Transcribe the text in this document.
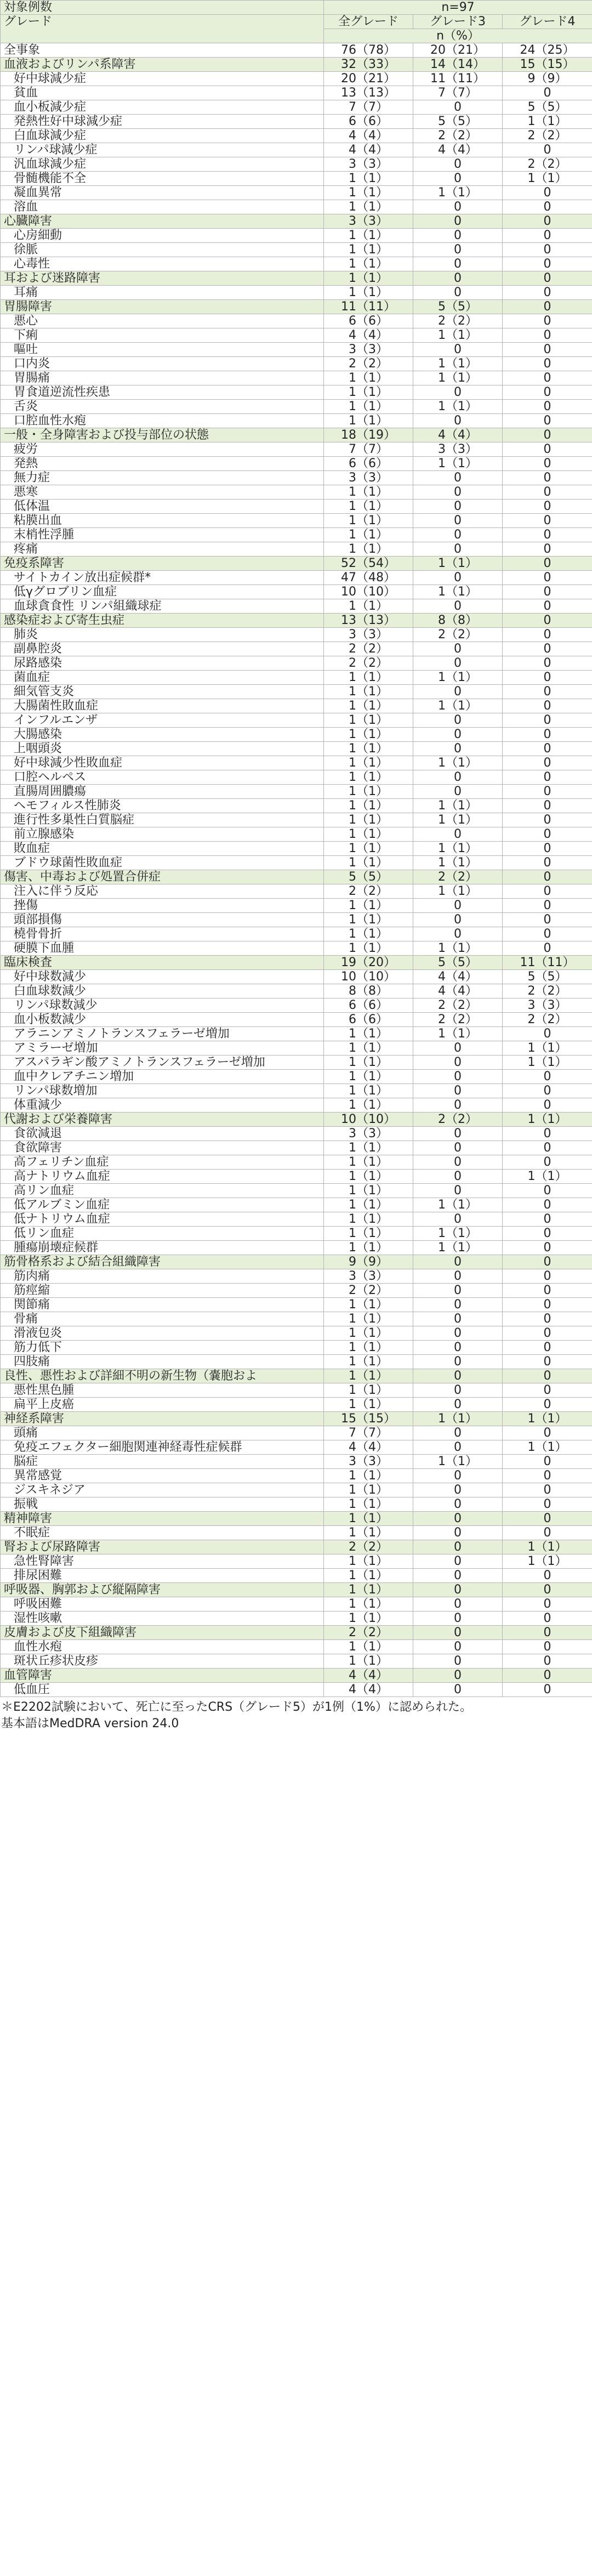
対象例数	n=97		
グレード	全グレード	グレード3	グレード4
	n（%）		
全事象	76（78）	20（21）	24（25）
血液およびリンパ系障害	32（33）	14（14）	15（15）
好中球減少症	20（21）	11（11）	9（9）
貧血	13（13）	7（7）	0
血小板減少症	7（7）	0	5（5）
発熱性好中球減少症	6（6）	5（5）	1（1）
白血球減少症	4（4）	2（2）	2（2）
リンパ球減少症	4（4）	4（4）	0
汎血球減少症	3（3）	0	2（2）
骨髄機能不全	1（1）	0	1（1）
凝血異常	1（1）	1（1）	0
溶血	1（1）	0	0
心臓障害	3（3）	0	0
心房細動	1（1）	0	0
徐脈	1（1）	0	0
心毒性	1（1）	0	0
耳および迷路障害	1（1）	0	0
耳痛	1（1）	0	0
胃腸障害	11（11）	5（5）	0
悪心	6（6）	2（2）	0
下痢	4（4）	1（1）	0
嘔吐	3（3）	0	0
口内炎	2（2）	1（1）	0
胃腸痛	1（1）	1（1）	0
胃食道逆流性疾患	1（1）	0	0
舌炎	1（1）	1（1）	0
口腔血性水疱	1（1）	0	0
一般・全身障害および投与部位の状態	18（19）	4（4）	0
疲労	7（7）	3（3）	0
発熱	6（6）	1（1）	0
無力症	3（3）	0	0
悪寒	1（1）	0	0
低体温	1（1）	0	0
粘膜出血	1（1）	0	0
末梢性浮腫	1（1）	0	0
疼痛	1（1）	0	0
免疫系障害	52（54）	1（1）	0
サイトカイン放出症候群*	47（48）	0	0
低γグロブリン血症	10（10）	1（1）	0
血球貪食性 リンパ組織球症	1（1）	0	0
感染症および寄生虫症	13（13）	8（8）	0
肺炎	3（3）	2（2）	0
副鼻腔炎	2（2）	0	0
尿路感染	2（2）	0	0
菌血症	1（1）	1（1）	0
細気管支炎	1（1）	0	0
大腸菌性敗血症	1（1）	1（1）	0
インフルエンザ	1（1）	0	0
大腸感染	1（1）	0	0
上咽頭炎	1（1）	0	0
好中球減少性敗血症	1（1）	1（1）	0
口腔ヘルペス	1（1）	0	0
直腸周囲膿瘍	1（1）	0	0
ヘモフィルス性肺炎	1（1）	1（1）	0
進行性多巣性白質脳症	1（1）	1（1）	0
前立腺感染	1（1）	0	0
敗血症	1（1）	1（1）	0
ブドウ球菌性敗血症	1（1）	1（1）	0
傷害、中毒および処置合併症	5（5）	2（2）	0
注入に伴う反応	2（2）	1（1）	0
挫傷	1（1）	0	0
頭部損傷	1（1）	0	0
橈骨骨折	1（1）	0	0
硬膜下血腫	1（1）	1（1）	0
臨床検査	19（20）	5（5）	11（11）
好中球数減少	10（10）	4（4）	5（5）
白血球数減少	8（8）	4（4）	2（2）
リンパ球数減少	6（6）	2（2）	3（3）
血小板数減少	6（6）	2（2）	2（2）
アラニンアミノトランスフェラーゼ増加	1（1）	1（1）	0
アミラーゼ増加	1（1）	0	1（1）
アスパラギン酸アミノトランスフェラーゼ増加	1（1）	0	1（1）
血中クレアチニン増加	1（1）	0	0
リンパ球数増加	1（1）	0	0
体重減少	1（1）	0	0
代謝および栄養障害	10（10）	2（2）	1（1）
食欲減退	3（3）	0	0
食欲障害	1（1）	0	0
高フェリチン血症	1（1）	0	0
高ナトリウム血症	1（1）	0	1（1）
高リン血症	1（1）	0	0
低アルブミン血症	1（1）	1（1）	0
低ナトリウム血症	1（1）	0	0
低リン血症	1（1）	1（1）	0
腫瘍崩壊症候群	1（1）	1（1）	0
筋骨格系および結合組織障害	9（9）	0	0
筋肉痛	3（3）	0	0
筋痙縮	2（2）	0	0
関節痛	1（1）	0	0
骨痛	1（1）	0	0
滑液包炎	1（1）	0	0
筋力低下	1（1）	0	0
四肢痛	1（1）	0	0
良性、悪性および詳細不明の新生物（嚢胞およ	1（1）	0	0
悪性黒色腫	1（1）	0	0
扁平上皮癌	1（1）	0	0
神経系障害	15（15）	1（1）	1（1）
頭痛	7（7）	0	0
免疫エフェクター細胞関連神経毒性症候群	4（4）	0	1（1）
脳症	3（3）	1（1）	0
異常感覚	1（1）	0	0
ジスキネジア	1（1）	0	0
振戦	1（1）	0	0
精神障害	1（1）	0	0
不眠症	1（1）	0	0
腎および尿路障害	2（2）	0	1（1）
急性腎障害	1（1）	0	1（1）
排尿困難	1（1）	0	0
呼吸器、胸郭および縦隔障害	1（1）	0	0
呼吸困難	1（1）	0	0
湿性咳嗽	1（1）	0	0
皮膚および皮下組織障害	2（2）	0	0
血性水疱	1（1）	0	0
斑状丘疹状皮疹	1（1）	0	0
血管障害	4（4）	0	0
低血圧	4（4）	0	0
＊E2202試験において、死亡に至ったCRS（グレード5）が1例（1%）に認められた。
基本語はMedDRA version 24.0
